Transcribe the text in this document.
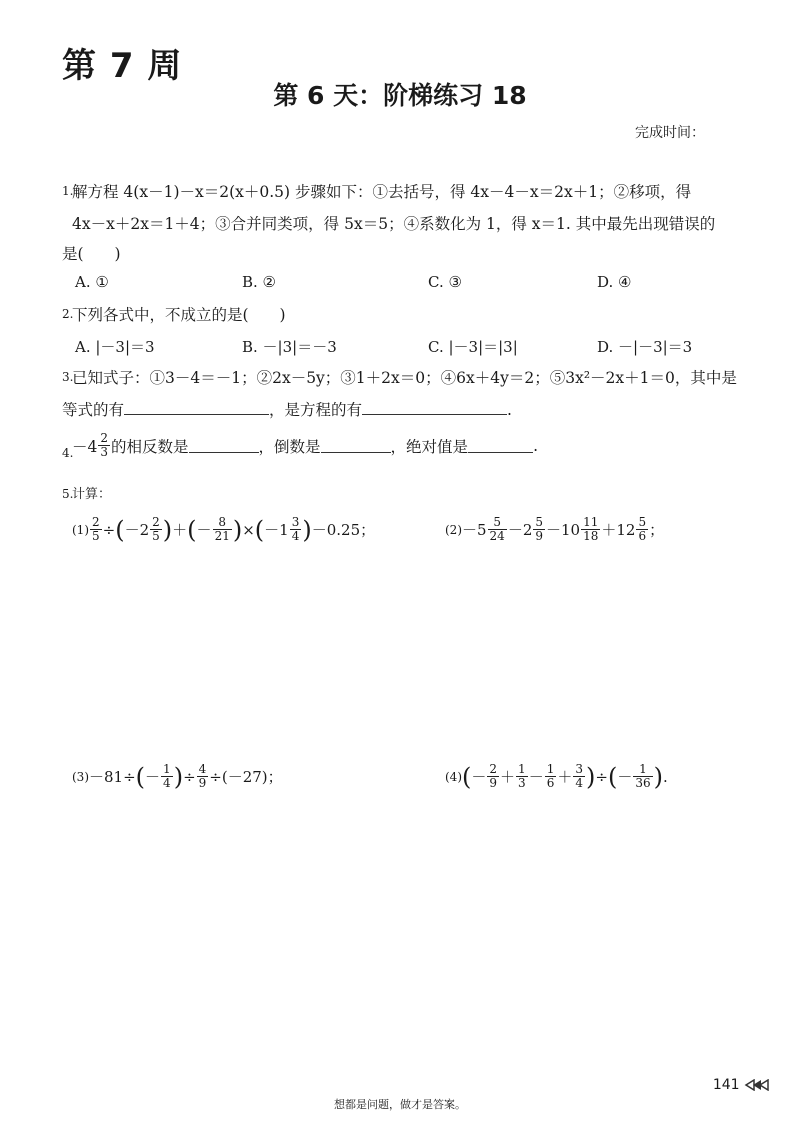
第 7 周
第 6 天：阶梯练习 18
完成时间：
1.
解方程 4(x－1)－x＝2(x＋0.5) 步骤如下：①去括号，得 4x－4－x＝2x＋1；②移项，得
4x－x＋2x＝1＋4；③合并同类项，得 5x＝5；④系数化为 1，得 x＝1. 其中最先出现错误的
是(　　)
A. ①	B. ②	C. ③	D. ④
2.
下列各式中，不成立的是(　　)
A. |－3|＝3	B. －|3|＝－3	C. |－3|＝|3|	D. －|－3|＝3
3.
已知式子：①3－4＝－1；②2x－5y；③1＋2x＝0；④6x＋4y＝2；⑤3x²－2x＋1＝0，其中是
等式的有	，是方程的有	.
4.
$-4 \frac{2}{3}$ 的相反数是	，倒数是	，绝对值是	.
5.
计算：
$(1) \frac{2}{5}$ ÷ ( $-2 \frac{2}{5}$ ) ＋ ( － $\frac{8}{21}$ ) × ( $-1 \frac{3}{4}$ ) －0.25；	$(2) -5 \frac{5}{24} -2 \frac{5}{9} -10 \frac{11}{18} +12 \frac{5}{6}$ ；
(3) －81÷ ( － $\frac{1}{4}$ ) ÷ $\frac{4}{9} \div(-27)$；	(4) ( － $\frac{2}{9} + \frac{1}{3} - \frac{1}{6} + \frac{3}{4}$ ) ÷ ( － $\frac{1}{36}$ ) .
141
想都是问题，做才是答案。
